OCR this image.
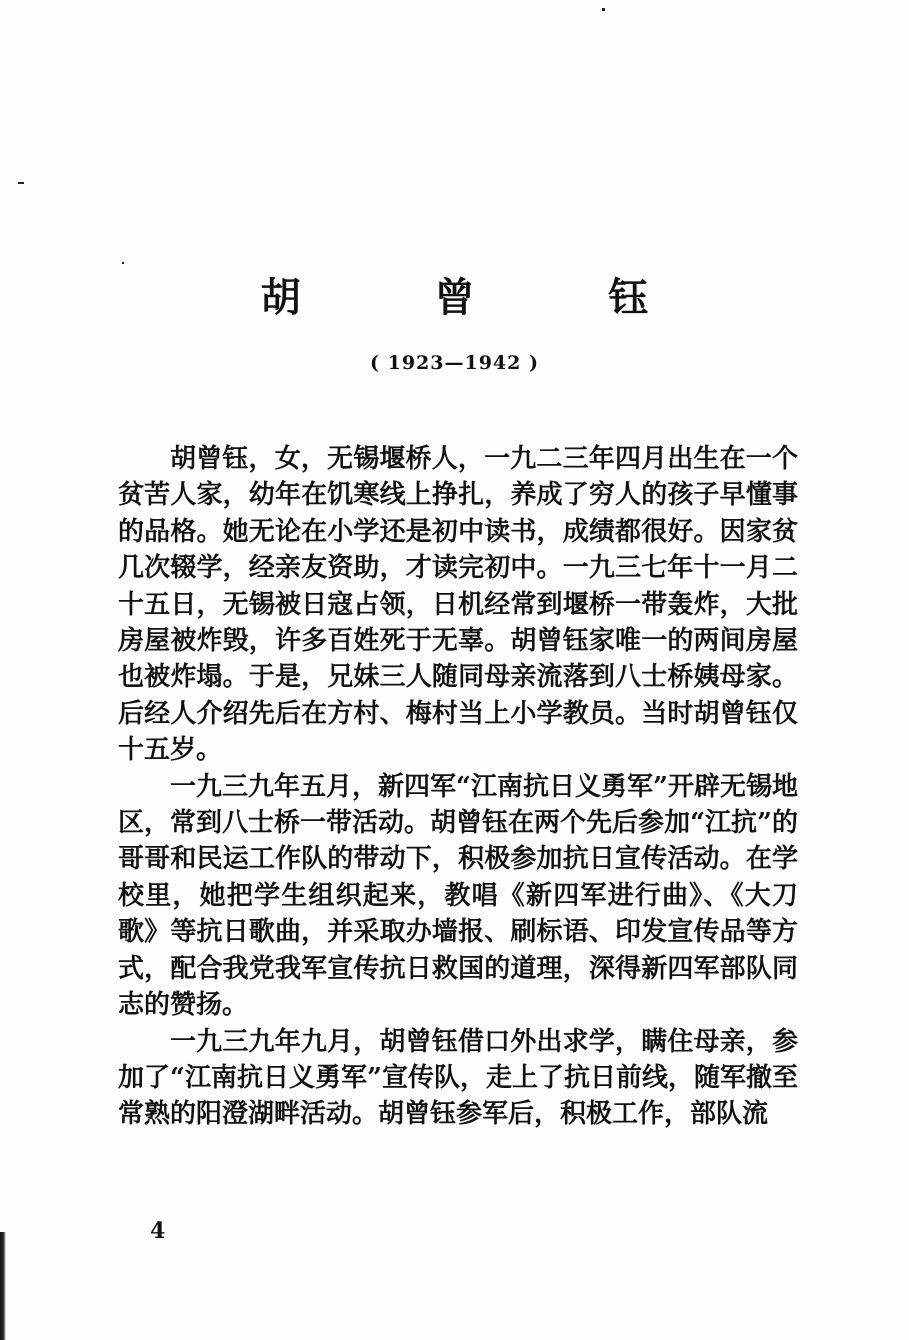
胡 曾 钰
( 1923—1942 )

胡曾钰，女，无锡堰桥人，一九二三年四月出生在一个贫苦人家，幼年在饥寒线上挣扎，养成了穷人的孩子早懂事的品格。她无论在小学还是初中读书，成绩都很好。因家贫几次辍学，经亲友资助，才读完初中。一九三七年十一月二十五日，无锡被日寇占领，日机经常到堰桥一带轰炸，大批房屋被炸毁，许多百姓死于无辜。胡曾钰家唯一的两间房屋也被炸塌。于是，兄妹三人随同母亲流落到八士桥姨母家。后经人介绍先后在方村、梅村当上小学教员。当时胡曾钰仅十五岁。

一九三九年五月，新四军“江南抗日义勇军”开辟无锡地区，常到八士桥一带活动。胡曾钰在两个先后参加“江抗”的哥哥和民运工作队的带动下，积极参加抗日宣传活动。在学校里，她把学生组织起来，教唱《新四军进行曲》、《大刀歌》等抗日歌曲，并采取办墙报、刷标语、印发宣传品等方式，配合我党我军宣传抗日救国的道理，深得新四军部队同志的赞扬。

一九三九年九月，胡曾钰借口外出求学，瞒住母亲，参加了“江南抗日义勇军”宣传队，走上了抗日前线，随军撤至常熟的阳澄湖畔活动。胡曾钰参军后，积极工作，部队流

4
